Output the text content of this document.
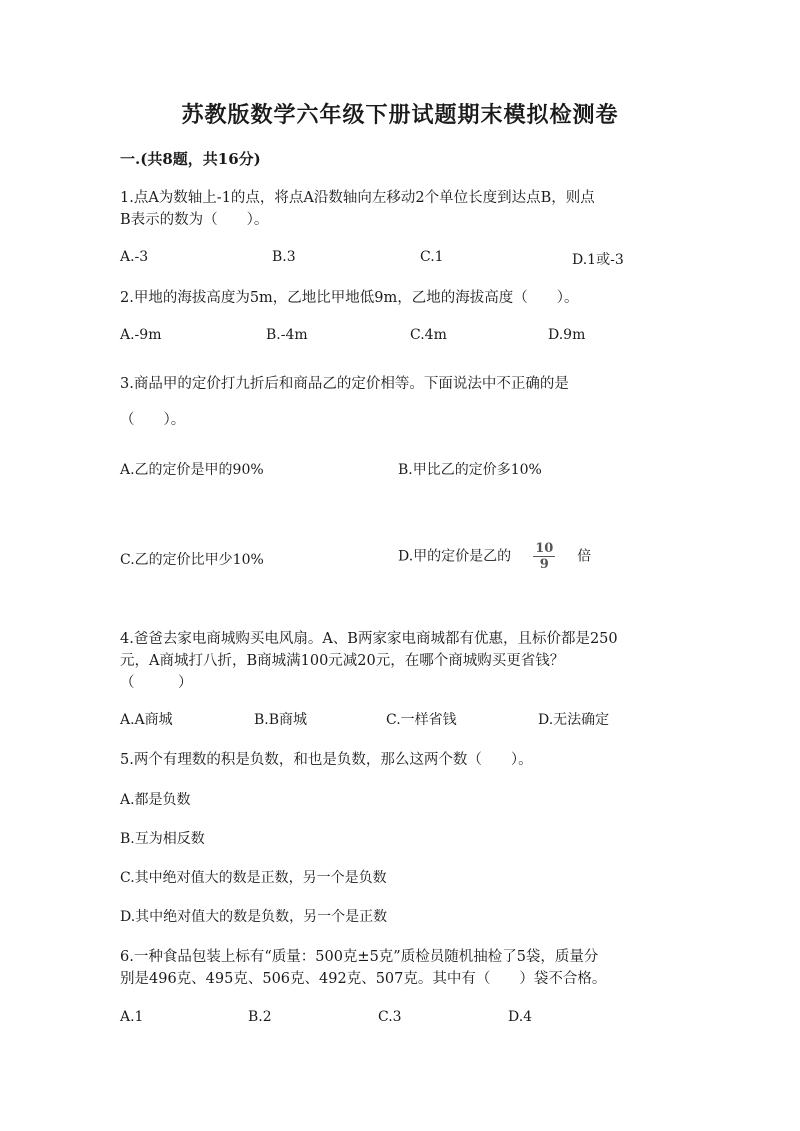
苏教版数学六年级下册试题期末模拟检测卷
一.(共8题，共16分)
1.点A为数轴上-1的点，将点A沿数轴向左移动2个单位长度到达点B，则点
B表示的数为（　　）。
A.-3	B.3	C.1	D.1或-3
2.甲地的海拔高度为5m，乙地比甲地低9m，乙地的海拔高度（　　）。
A.-9m	B.-4m	C.4m	D.9m
3.商品甲的定价打九折后和商品乙的定价相等。下面说法中不正确的是
（　　）。
A.乙的定价是甲的90%	B.甲比乙的定价多10%
C.乙的定价比甲少10%	D.甲的定价是乙的 $\frac{10}{9}$ 倍
4.爸爸去家电商城购买电风扇。A、B两家家电商城都有优惠，且标价都是250
元，A商城打八折，B商城满100元减20元，在哪个商城购买更省钱？
（　　　）
A.A商城	B.B商城	C.一样省钱	D.无法确定
5.两个有理数的积是负数，和也是负数，那么这两个数（　　）。
A.都是负数
B.互为相反数
C.其中绝对值大的数是正数，另一个是负数
D.其中绝对值大的数是负数，另一个是正数
6.一种食品包装上标有“质量：500克±5克”质检员随机抽检了5袋，质量分
别是496克、495克、506克、492克、507克。其中有（　　）袋不合格。
A.1	B.2	C.3	D.4
